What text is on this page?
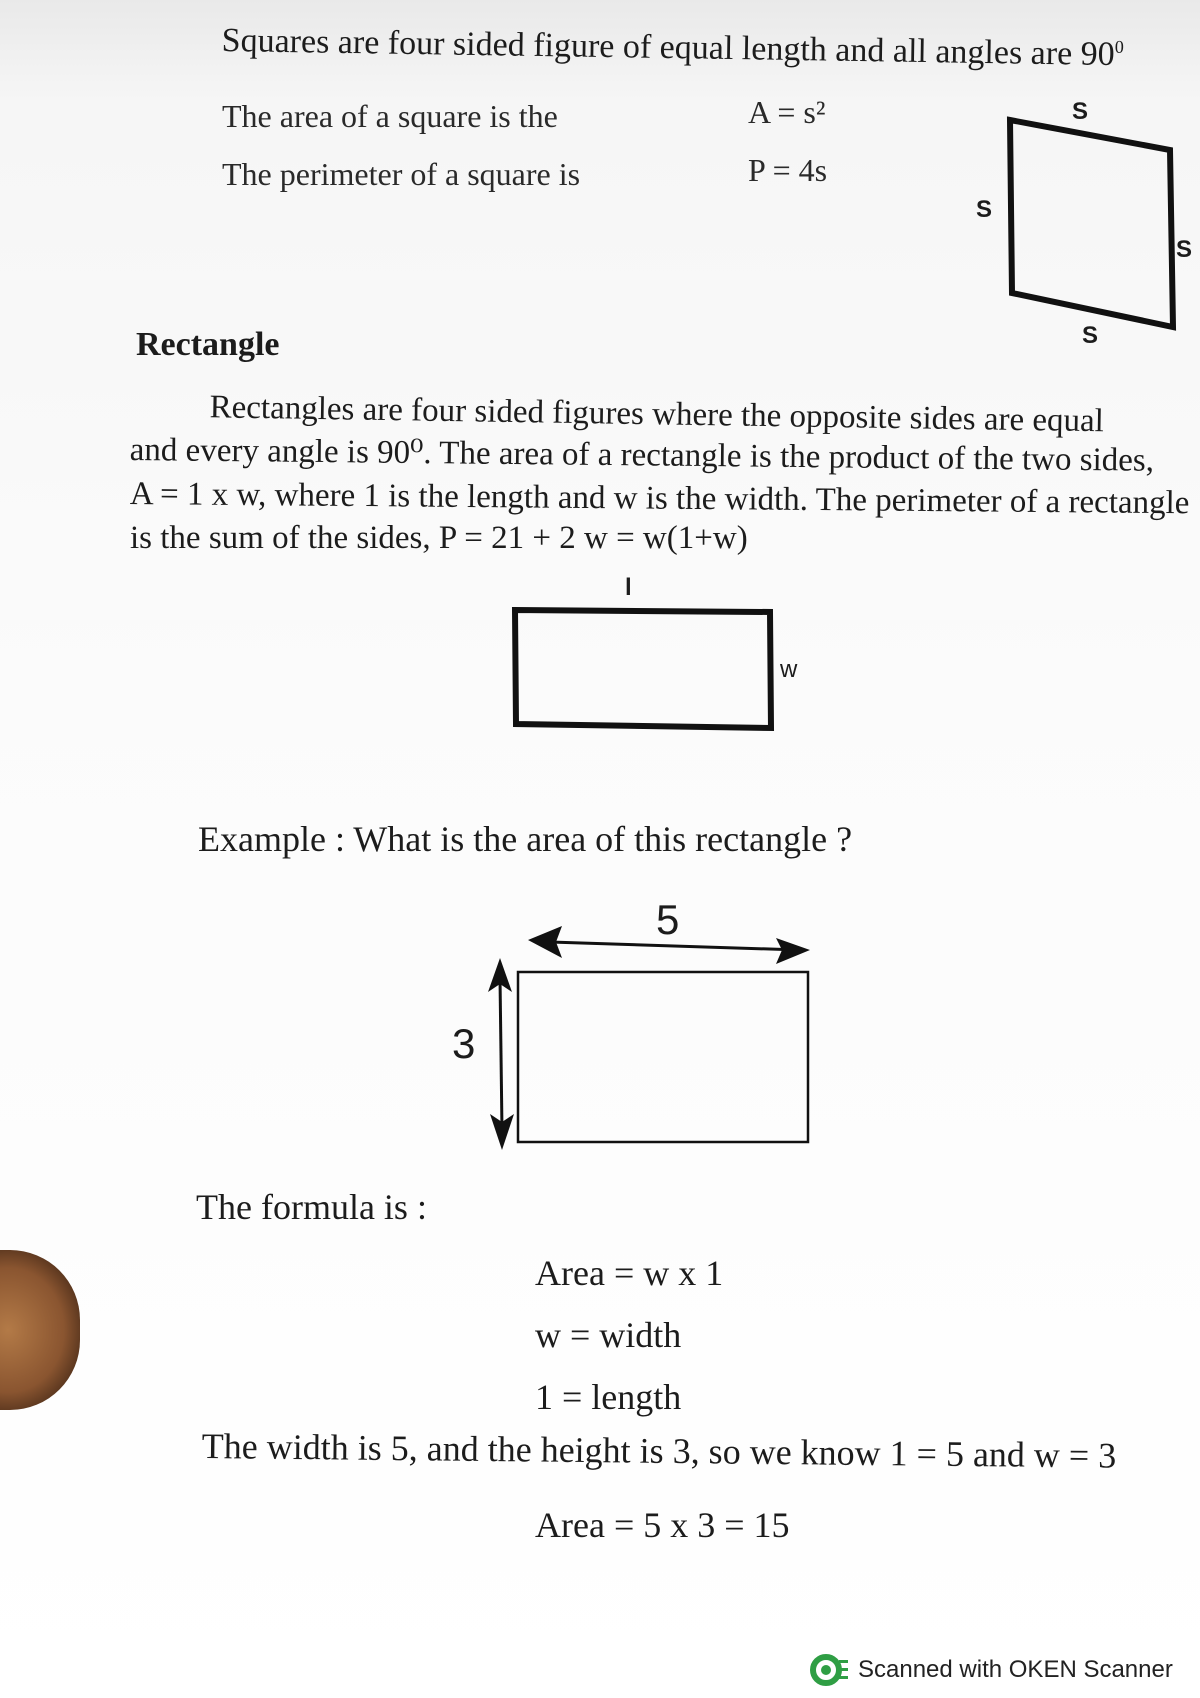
Squares are four sided figure of equal length and all angles are $90^0$
The area of a square is the	A = s²
The perimeter of a square is	P = 4s
S
S
S
S
Rectangle

Rectangles are four sided figures where the opposite sides are equal

and every angle is 90⁰. The area of a rectangle is the product of the two sides,

A = 1 x w, where 1 is the length and w is the width. The perimeter of a rectangle

is the sum of the sides, P = 21 + 2 w = w(1+w)

l
w
Example : What is the area of this rectangle ?
5
3
The formula is :
Area = w x 1
w = width
1 = length
The width is 5, and the height is 3, so we know 1 = 5 and w = 3
Area = 5 x 3 = 15
Scanned with OKEN Scanner
